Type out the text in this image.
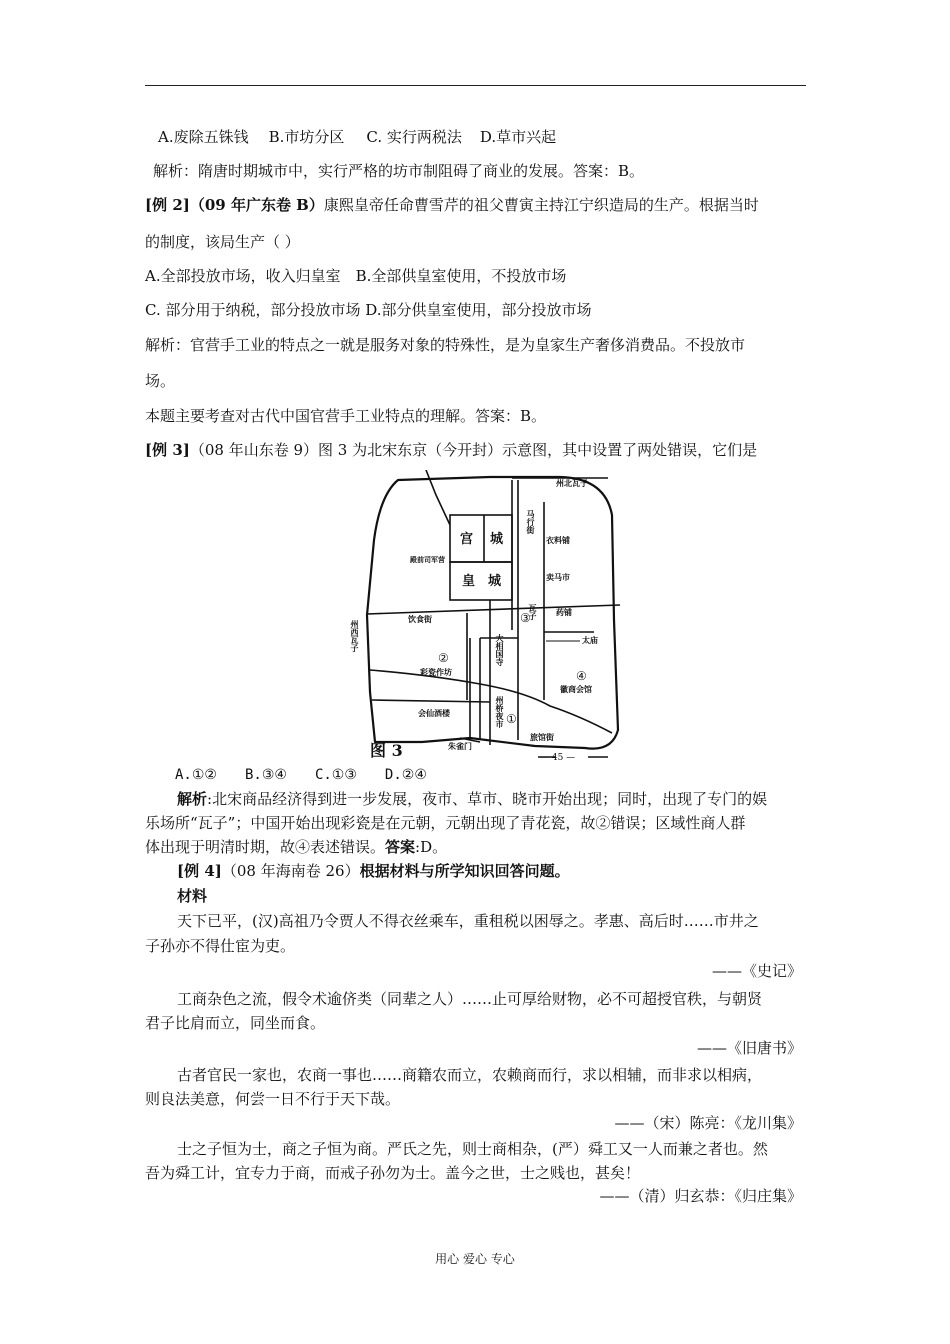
A.废除五铢钱 B.市坊分区 C. 实行两税法 D.草市兴起
解析：隋唐时期城市中，实行严格的坊市制阻碍了商业的发展。答案：B。
[例 2]（09 年广东卷 B）康熙皇帝任命曹雪芹的祖父曹寅主持江宁织造局的生产。根据当时
的制度，该局生产（ ）
A.全部投放市场，收入归皇室　B.全部供皇室使用，不投放市场
C. 部分用于纳税，部分投放市场 D.部分供皇室使用，部分投放市场
解析：官营手工业的特点之一就是服务对象的特殊性，是为皇家生产奢侈消费品。不投放市
场。
本题主要考查对古代中国官营手工业特点的理解。答案：B。
[例 3]（08 年山东卷 9）图 3 为北宋东京（今开封）示意图，其中设置了两处错误，它们是
州北瓦子
马行街
衣料铺
卖马市
殿前司军营
饮食街
药铺
州西瓦子
瓦子
大相国寺	太庙
彩瓷作坊
徽商会馆
会仙酒楼	州桥夜市
朱雀门
旅馆街
宫 城
皇 城
①
②
③
④
图 3	— 45 —
A.①② B.③④ C.①③ D.②④
解析:北宋商品经济得到进一步发展，夜市、草市、晓市开始出现；同时，出现了专门的娱
乐场所“瓦子”；中国开始出现彩瓷是在元朝，元朝出现了青花瓷，故②错误；区域性商人群
体出现于明清时期，故④表述错误。答案:D。
[例 4]（08 年海南卷 26）根据材料与所学知识回答问题。
材料
天下已平，(汉)高祖乃令贾人不得衣丝乘车，重租税以困辱之。孝惠、高后时……市井之
子孙亦不得仕宦为吏。
——《史记》
工商杂色之流，假令术逾侪类（同辈之人）……止可厚给财物，必不可超授官秩，与朝贤
君子比肩而立，同坐而食。
——《旧唐书》
古者官民一家也，农商一事也……商籍农而立，农赖商而行，求以相辅，而非求以相病，
则良法美意，何尝一日不行于天下哉。
——（宋）陈亮：《龙川集》
士之子恒为士，商之子恒为商。严氏之先，则士商相杂，(严）舜工又一人而兼之者也。然
吾为舜工计，宜专力于商，而戒子孙勿为士。盖今之世，士之贱也，甚矣！
——（清）归玄恭：《归庄集》
用心 爱心 专心
